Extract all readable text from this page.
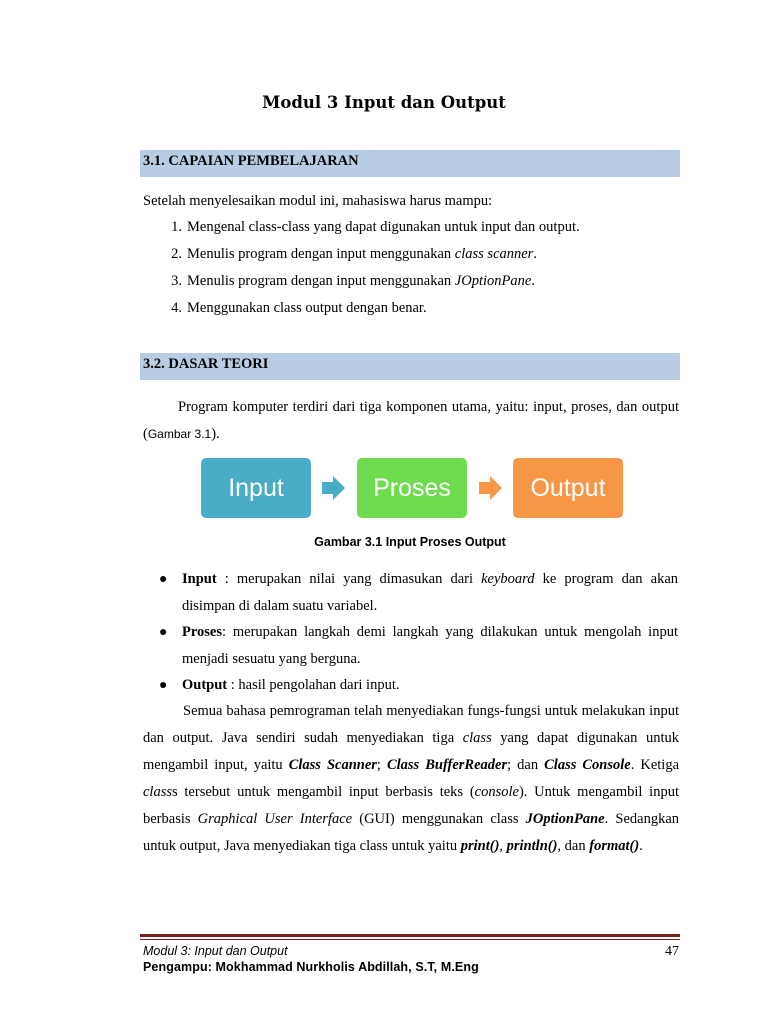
Modul 3 Input dan Output
3.1. CAPAIAN PEMBELAJARAN
Setelah menyelesaikan modul ini, mahasiswa harus mampu:
1. Mengenal class-class yang dapat digunakan untuk input dan output.
2. Menulis program dengan input menggunakan class scanner.
3. Menulis program dengan input menggunakan JOptionPane.
4. Menggunakan class output dengan benar.
3.2. DASAR TEORI
Program komputer terdiri dari tiga komponen utama, yaitu: input, proses, dan output (Gambar 3.1).
Input	Proses	Output
Gambar 3.1 Input Proses Output
● Input : merupakan nilai yang dimasukan dari keyboard ke program dan akan disimpan di dalam suatu variabel.
● Proses: merupakan langkah demi langkah yang dilakukan untuk mengolah input menjadi sesuatu yang berguna.
● Output : hasil pengolahan dari input.
Semua bahasa pemrograman telah menyediakan fungs-fungsi untuk melakukan input dan output. Java sendiri sudah menyediakan tiga class yang dapat digunakan untuk mengambil input, yaitu Class Scanner; Class BufferReader; dan Class Console. Ketiga classs tersebut untuk mengambil input berbasis teks (console). Untuk mengambil input berbasis Graphical User Interface (GUI) menggunakan class JOptionPane. Sedangkan untuk output, Java menyediakan tiga class untuk yaitu print(), println(), dan format().
Modul 3: Input dan Output	47
Pengampu: Mokhammad Nurkholis Abdillah, S.T, M.Eng
